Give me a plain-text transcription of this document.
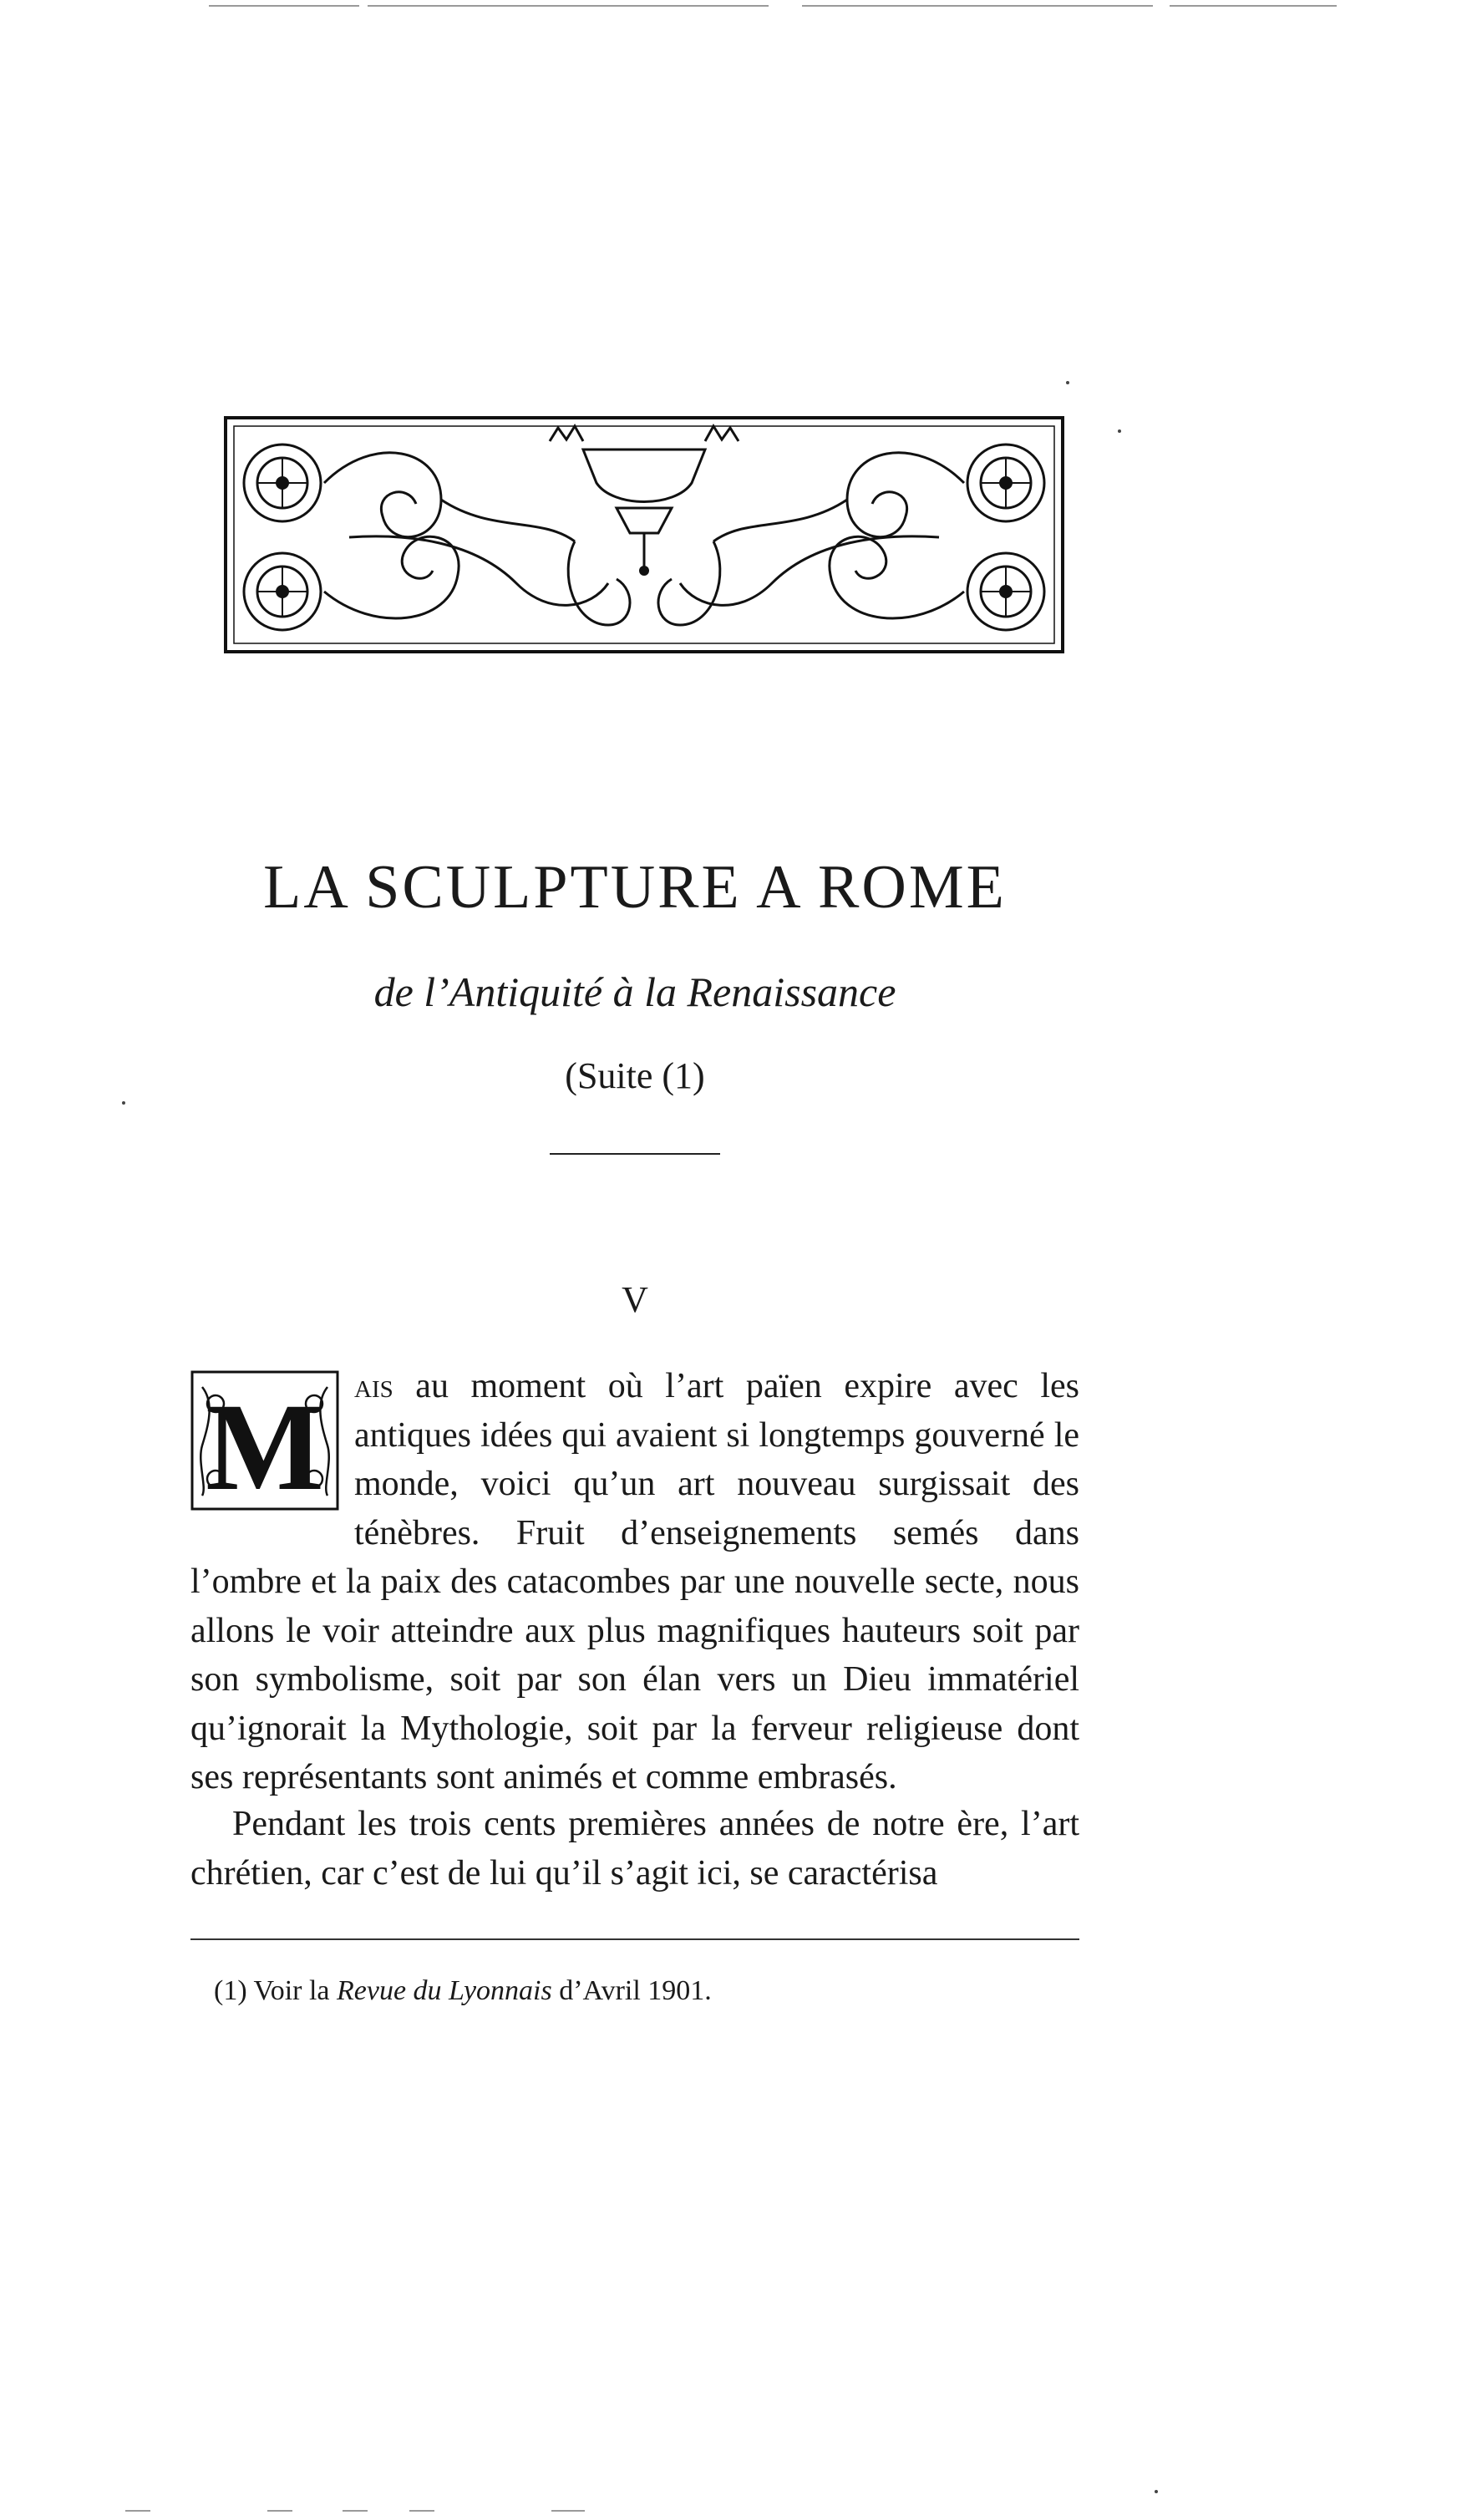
LA SCULPTURE A ROME

de l’Antiquité à la Renaissance

(Suite (1)

V

M ais au moment où l’art païen expire avec les antiques idées qui avaient si longtemps gouverné le monde, voici qu’un art nouveau surgissait des ténèbres. Fruit d’enseignements semés dans l’ombre et la paix des catacombes par une nouvelle secte, nous allons le voir atteindre aux plus magnifiques hauteurs soit par son symbolisme, soit par son élan vers un Dieu immatériel qu’ignorait la Mythologie, soit par la ferveur religieuse dont ses représentants sont animés et comme embrasés.

Pendant les trois cents premières années de notre ère, l’art chrétien, car c’est de lui qu’il s’agit ici, se caractérisa

(1) Voir la Revue du Lyonnais d’Avril 1901.
